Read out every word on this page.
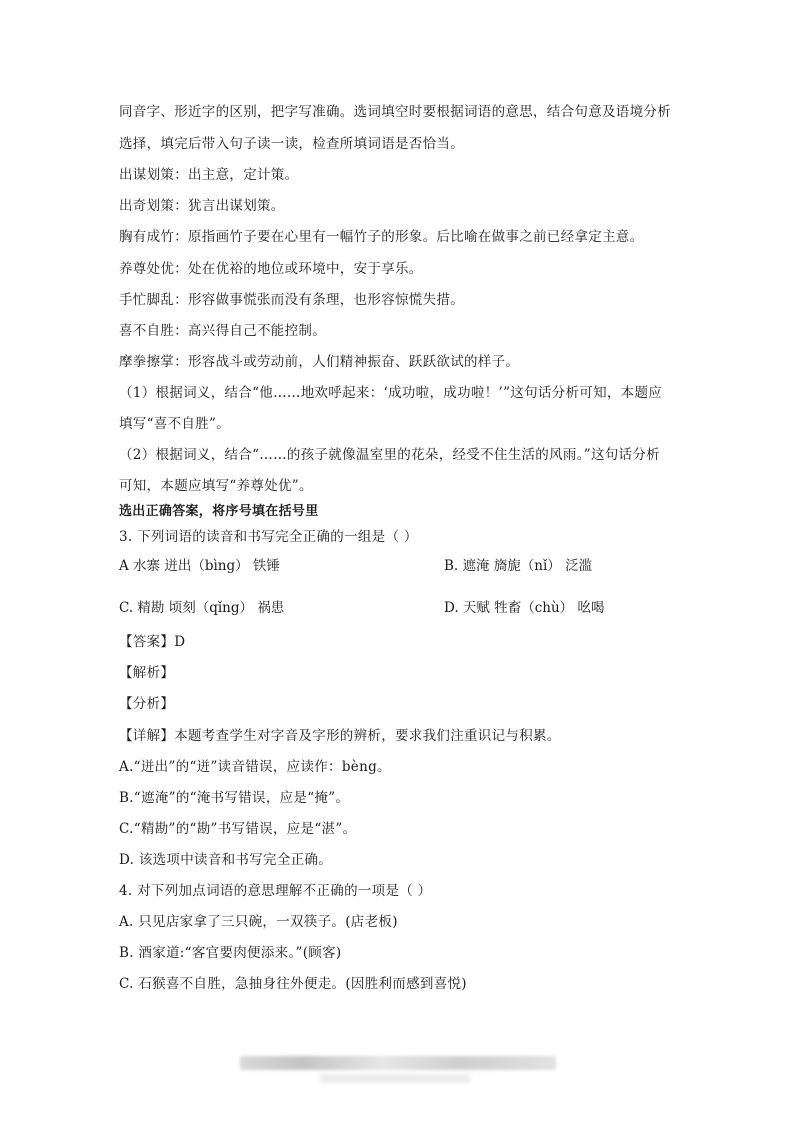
同音字、形近字的区别，把字写准确。选词填空时要根据词语的意思，结合句意及语境分析
选择，填完后带入句子读一读，检查所填词语是否恰当。
出谋划策：出主意，定计策。
出奇划策：犹言出谋划策。
胸有成竹：原指画竹子要在心里有一幅竹子的形象。后比喻在做事之前已经拿定主意。
养尊处优：处在优裕的地位或环境中，安于享乐。
手忙脚乱：形容做事慌张而没有条理，也形容惊慌失措。
喜不自胜：高兴得自己不能控制。
摩拳擦掌：形容战斗或劳动前，人们精神振奋、跃跃欲试的样子。
（1）根据词义，结合“他……地欢呼起来：‘成功啦，成功啦！’”这句话分析可知，本题应
填写“喜不自胜”。
（2）根据词义，结合“……的孩子就像温室里的花朵，经受不住生活的风雨。”这句话分析
可知，本题应填写“养尊处优”。
选出正确答案，将序号填在括号里
3. 下列词语的读音和书写完全正确的一组是（ ）
A 水寨 迸出（bìng） 铁锤	B. 遮淹 旖旎（nǐ） 泛滥
C. 精勘 顷刻（qǐng） 祸患	D. 天赋 牲畜（chù） 吆喝
【答案】D
【解析】
【分析】
【详解】本题考查学生对字音及字形的辨析，要求我们注重识记与积累。
A.“迸出”的“迸”读音错误，应读作：bèng。
B.“遮淹”的“淹书写错误，应是“掩”。
C.“精勘”的“勘”书写错误，应是“湛”。
D. 该选项中读音和书写完全正确。
4. 对下列加点词语的意思理解不正确的一项是（ ）
A. 只见店家拿了三只碗，一双筷子。(店老板)
B. 酒家道:“客官要肉便添来。”(顾客)
C. 石猴喜不自胜，急抽身往外便走。(因胜利而感到喜悦)
